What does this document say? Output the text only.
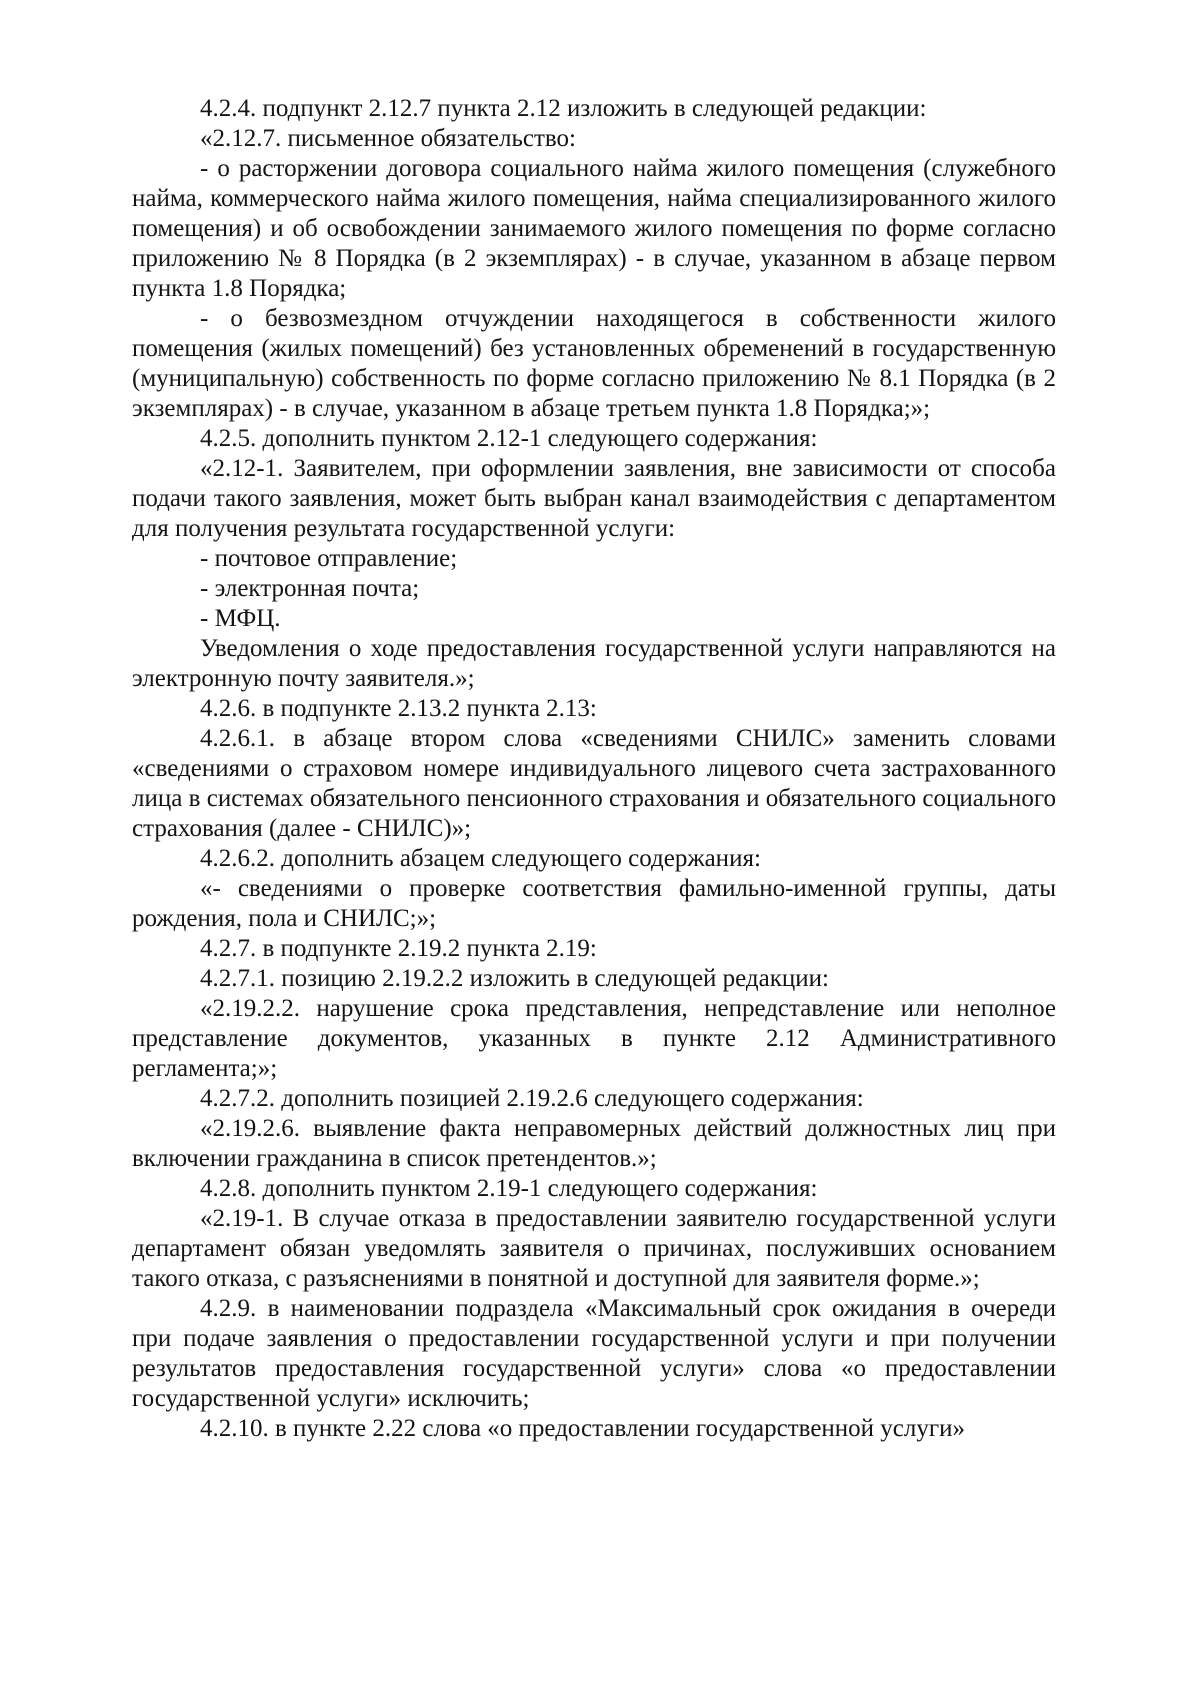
4.2.4. подпункт 2.12.7 пункта 2.12 изложить в следующей редакции:

«2.12.7. письменное обязательство:

- о расторжении договора социального найма жилого помещения (служебного найма, коммерческого найма жилого помещения, найма специализированного жилого помещения) и об освобождении занимаемого жилого помещения по форме согласно приложению № 8 Порядка (в 2 экземплярах) - в случае, указанном в абзаце первом пункта 1.8 Порядка;

- о безвозмездном отчуждении находящегося в собственности жилого помещения (жилых помещений) без установленных обременений в государственную (муниципальную) собственность по форме согласно приложению № 8.1 Порядка (в 2 экземплярах) - в случае, указанном в абзаце третьем пункта 1.8 Порядка;»;

4.2.5. дополнить пунктом 2.12-1 следующего содержания:

«2.12-1. Заявителем, при оформлении заявления, вне зависимости от способа подачи такого заявления, может быть выбран канал взаимодействия с департаментом для получения результата государственной услуги:

- почтовое отправление;

- электронная почта;

- МФЦ.

Уведомления о ходе предоставления государственной услуги направляются на электронную почту заявителя.»;

4.2.6. в подпункте 2.13.2 пункта 2.13:

4.2.6.1. в абзаце втором слова «сведениями СНИЛС» заменить словами «сведениями о страховом номере индивидуального лицевого счета застрахованного лица в системах обязательного пенсионного страхования и обязательного социального страхования (далее - СНИЛС)»;

4.2.6.2. дополнить абзацем следующего содержания:

«- сведениями о проверке соответствия фамильно-именной группы, даты рождения, пола и СНИЛС;»;

4.2.7. в подпункте 2.19.2 пункта 2.19:

4.2.7.1. позицию 2.19.2.2 изложить в следующей редакции:

«2.19.2.2. нарушение срока представления, непредставление или неполное представление документов, указанных в пункте 2.12 Административного регламента;»;

4.2.7.2. дополнить позицией 2.19.2.6 следующего содержания:

«2.19.2.6. выявление факта неправомерных действий должностных лиц при включении гражданина в список претендентов.»;

4.2.8. дополнить пунктом 2.19-1 следующего содержания:

«2.19-1. В случае отказа в предоставлении заявителю государственной услуги департамент обязан уведомлять заявителя о причинах, послуживших основанием такого отказа, с разъяснениями в понятной и доступной для заявителя форме.»;

4.2.9. в наименовании подраздела «Максимальный срок ожидания в очереди при подаче заявления о предоставлении государственной услуги и при получении результатов предоставления государственной услуги» слова «о предоставлении государственной услуги» исключить;

4.2.10. в пункте 2.22 слова «о предоставлении государственной услуги»
